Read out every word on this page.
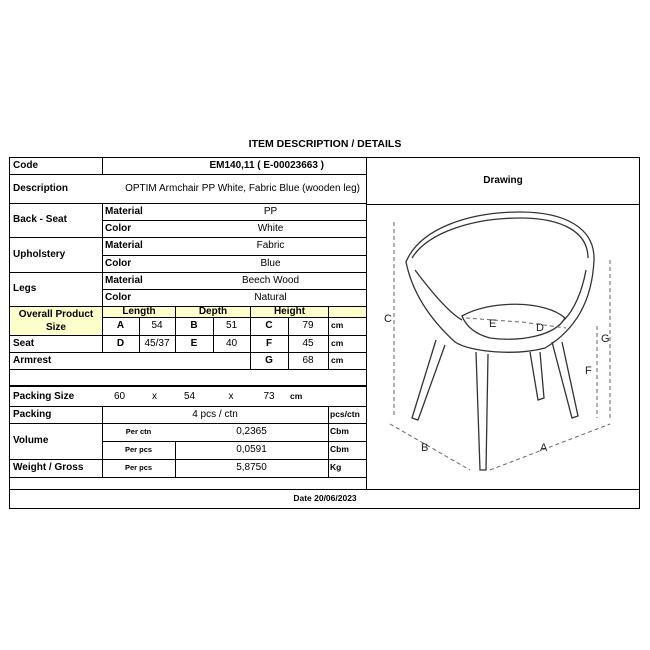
ITEM DESCRIPTION / DETAILS
Code	EM140,11 ( E-00023663 )
Description	OPTIM Armchair PP White, Fabric Blue (wooden leg)
Drawing
Back - Seat
Material	PP
Color	White
Upholstery
Material	Fabric
Color	Blue
Legs
Material	Beech Wood
Color	Natural
Overall Product Size
Length	Depth	Height
A	54	B	51	C	79	cm
Seat	D	45/37	E	40	F	45	cm
Armrest	G	68	cm
Packing Size	60	x	54	x	73	cm
Packing	4 pcs / ctn	pcs/ctn
Volume
Per ctn	0,2365	Cbm
Per pcs	0,0591	Cbm
Weight / Gross	Per pcs	5,8750	Kg
Date 20/06/2023
C
G
F
B	A
E	D
